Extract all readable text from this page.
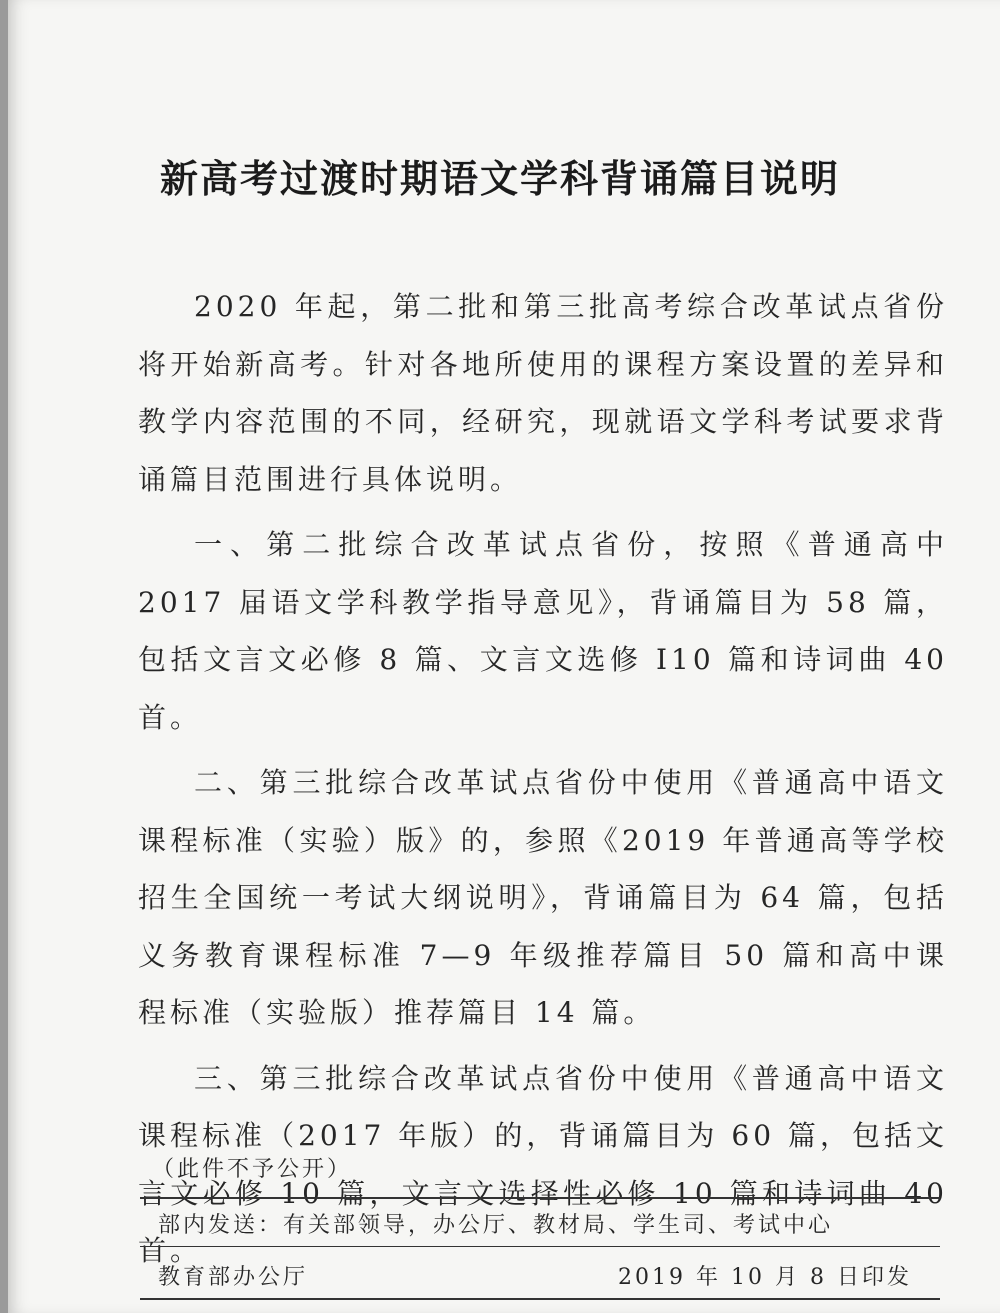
新高考过渡时期语文学科背诵篇目说明

2020 年起，第二批和第三批高考综合改革试点省份将开始新高考。针对各地所使用的课程方案设置的差异和教学内容范围的不同，经研究，现就语文学科考试要求背诵篇目范围进行具体说明。

一、第二批综合改革试点省份，按照《普通高中 2017 届语文学科教学指导意见》，背诵篇目为 58 篇，包括文言文必修 8 篇、文言文选修 I10 篇和诗词曲 40 首。

二、第三批综合改革试点省份中使用《普通高中语文课程标准（实验）版》的，参照《2019 年普通高等学校招生全国统一考试大纲说明》，背诵篇目为 64 篇，包括义务教育课程标准 7—9 年级推荐篇目 50 篇和高中课程标准（实验版）推荐篇目 14 篇。

三、第三批综合改革试点省份中使用《普通高中语文课程标准（2017 年版）的，背诵篇目为 60 篇，包括文言文必修 10 篇，文言文选择性必修 10 篇和诗词曲 40 首。

（此件不予公开）
部内发送：有关部领导，办公厅、教材局、学生司、考试中心
教育部办公厅	2019 年 10 月 8 日印发
